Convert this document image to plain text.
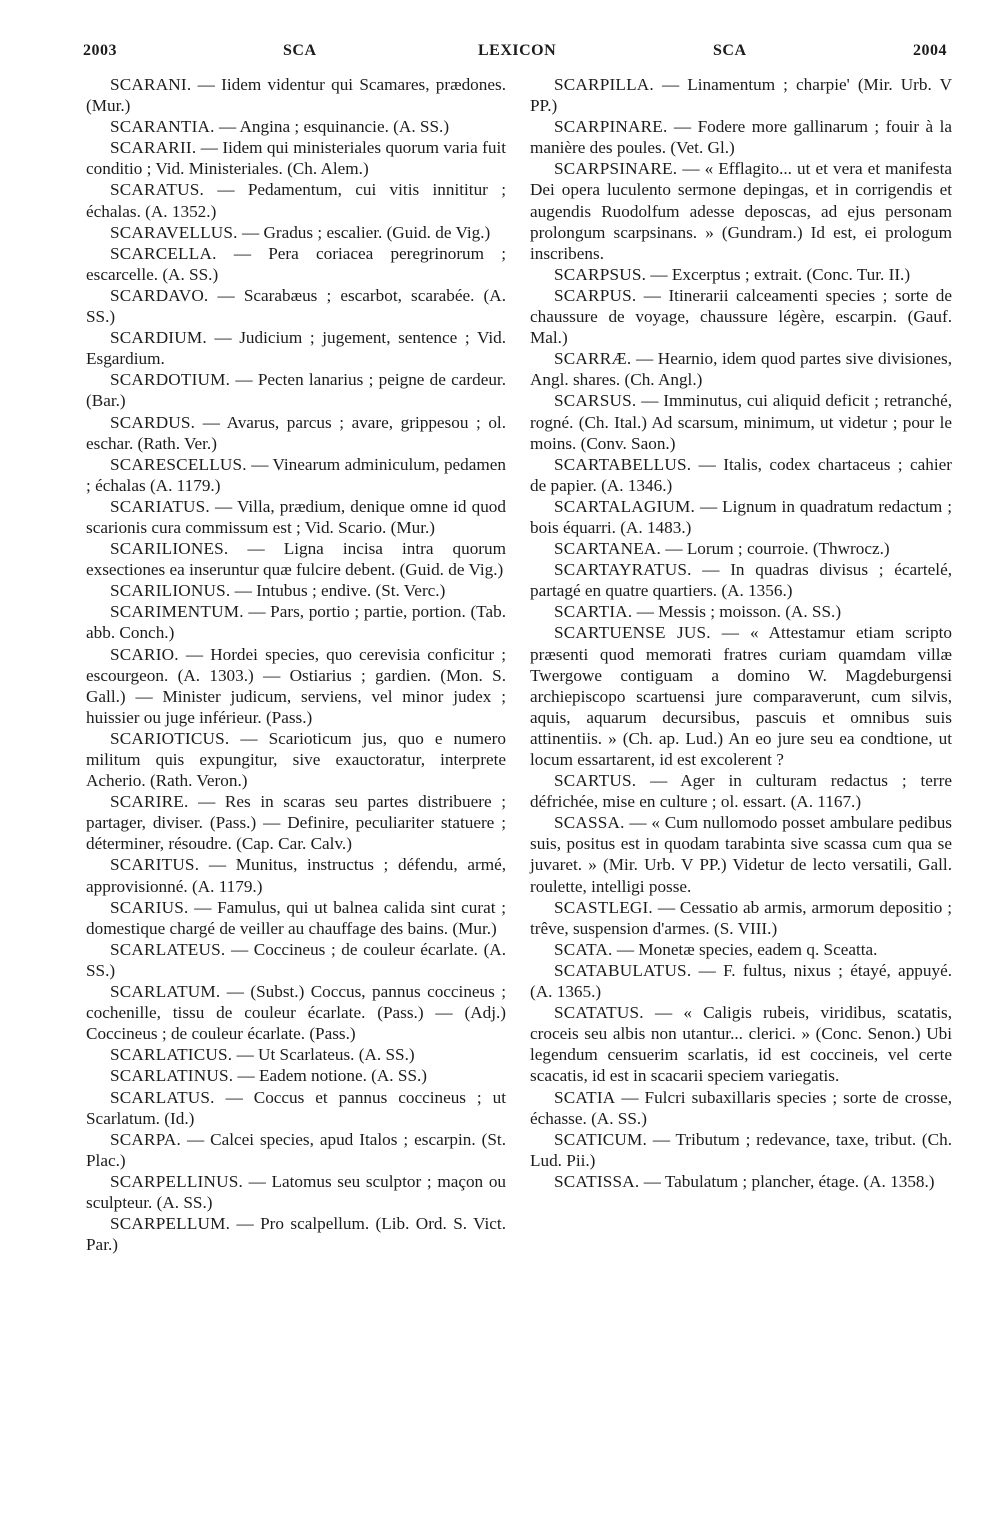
2003	SCA	LEXICON	SCA	2004

SCARANI. — Iidem videntur qui Scamares, prædones. (Mur.)

SCARANTIA. — Angina ; esquinancie. (A. SS.)

SCARARII. — Iidem qui ministeriales quorum varia fuit conditio ; Vid. Ministeriales. (Ch. Alem.)

SCARATUS. — Pedamentum, cui vitis innititur ; échalas. (A. 1352.)

SCARAVELLUS. — Gradus ; escalier. (Guid. de Vig.)

SCARCELLA. — Pera coriacea peregrinorum ; escarcelle. (A. SS.)

SCARDAVO. — Scarabæus ; escarbot, scarabée. (A. SS.)

SCARDIUM. — Judicium ; jugement, sentence ; Vid. Esgardium.

SCARDOTIUM. — Pecten lanarius ; peigne de cardeur. (Bar.)

SCARDUS. — Avarus, parcus ; avare, grippesou ; ol. eschar. (Rath. Ver.)

SCARESCELLUS. — Vinearum adminiculum, pedamen ; échalas (A. 1179.)

SCARIATUS. — Villa, prædium, denique omne id quod scarionis cura commissum est ; Vid. Scario. (Mur.)

SCARILIONES. — Ligna incisa intra quorum exsectiones ea inseruntur quæ fulcire debent. (Guid. de Vig.)

SCARILIONUS. — Intubus ; endive. (St. Verc.)

SCARIMENTUM. — Pars, portio ; partie, portion. (Tab. abb. Conch.)

SCARIO. — Hordei species, quo cerevisia conficitur ; escourgeon. (A. 1303.) — Ostiarius ; gardien. (Mon. S. Gall.) — Minister judicum, serviens, vel minor judex ; huissier ou juge inférieur. (Pass.)

SCARIOTICUS. — Scarioticum jus, quo e numero militum quis expungitur, sive exauctoratur, interprete Acherio. (Rath. Veron.)

SCARIRE. — Res in scaras seu partes distribuere ; partager, diviser. (Pass.) — Definire, peculiariter statuere ; déterminer, résoudre. (Cap. Car. Calv.)

SCARITUS. — Munitus, instructus ; défendu, armé, approvisionné. (A. 1179.)

SCARIUS. — Famulus, qui ut balnea calida sint curat ; domestique chargé de veiller au chauffage des bains. (Mur.)

SCARLATEUS. — Coccineus ; de couleur écarlate. (A. SS.)

SCARLATUM. — (Subst.) Coccus, pannus coccineus ; cochenille, tissu de couleur écarlate. (Pass.) — (Adj.) Coccineus ; de couleur écarlate. (Pass.)

SCARLATICUS. — Ut Scarlateus. (A. SS.)

SCARLATINUS. — Eadem notione. (A. SS.)

SCARLATUS. — Coccus et pannus coccineus ; ut Scarlatum. (Id.)

SCARPA. — Calcei species, apud Italos ; escarpin. (St. Plac.)

SCARPELLINUS. — Latomus seu sculptor ; maçon ou sculpteur. (A. SS.)

SCARPELLUM. — Pro scalpellum. (Lib. Ord. S. Vict. Par.)

SCARPILLA. — Linamentum ; charpie' (Mir. Urb. V PP.)

SCARPINARE. — Fodere more gallinarum ; fouir à la manière des poules. (Vet. Gl.)

SCARPSINARE. — « Efflagito... ut et vera et manifesta Dei opera luculento sermone depingas, et in corrigendis et augendis Ruodolfum adesse deposcas, ad ejus personam prolongum scarpsinans. » (Gundram.) Id est, ei prologum inscribens.

SCARPSUS. — Excerptus ; extrait. (Conc. Tur. II.)

SCARPUS. — Itinerarii calceamenti species ; sorte de chaussure de voyage, chaussure légère, escarpin. (Gauf. Mal.)

SCARRÆ. — Hearnio, idem quod partes sive divisiones, Angl. shares. (Ch. Angl.)

SCARSUS. — Imminutus, cui aliquid deficit ; retranché, rogné. (Ch. Ital.) Ad scarsum, minimum, ut videtur ; pour le moins. (Conv. Saon.)

SCARTABELLUS. — Italis, codex chartaceus ; cahier de papier. (A. 1346.)

SCARTALAGIUM. — Lignum in quadratum redactum ; bois équarri. (A. 1483.)

SCARTANEA. — Lorum ; courroie. (Thwrocz.)

SCARTAYRATUS. — In quadras divisus ; écartelé, partagé en quatre quartiers. (A. 1356.)

SCARTIA. — Messis ; moisson. (A. SS.)

SCARTUENSE JUS. — « Attestamur etiam scripto præsenti quod memorati fratres curiam quamdam villæ Twergowe contiguam a domino W. Magdeburgensi archiepiscopo scartuensi jure comparaverunt, cum silvis, aquis, aquarum decursibus, pascuis et omnibus suis attinentiis. » (Ch. ap. Lud.) An eo jure seu ea condtione, ut locum essartarent, id est excolerent ?

SCARTUS. — Ager in culturam redactus ; terre défrichée, mise en culture ; ol. essart. (A. 1167.)

SCASSA. — « Cum nullomodo posset ambulare pedibus suis, positus est in quodam tarabinta sive scassa cum qua se juvaret. » (Mir. Urb. V PP.) Videtur de lecto versatili, Gall. roulette, intelligi posse.

SCASTLEGI. — Cessatio ab armis, armorum depositio ; trêve, suspension d'armes. (S. VIII.)

SCATA. — Monetæ species, eadem q. Sceatta.

SCATABULATUS. — F. fultus, nixus ; étayé, appuyé. (A. 1365.)

SCATATUS. — « Caligis rubeis, viridibus, scatatis, croceis seu albis non utantur... clerici. » (Conc. Senon.) Ubi legendum censuerim scarlatis, id est coccineis, vel certe scacatis, id est in scacarii speciem variegatis.

SCATIA — Fulcri subaxillaris species ; sorte de crosse, échasse. (A. SS.)

SCATICUM. — Tributum ; redevance, taxe, tribut. (Ch. Lud. Pii.)

SCATISSA. — Tabulatum ; plancher, étage. (A. 1358.)
